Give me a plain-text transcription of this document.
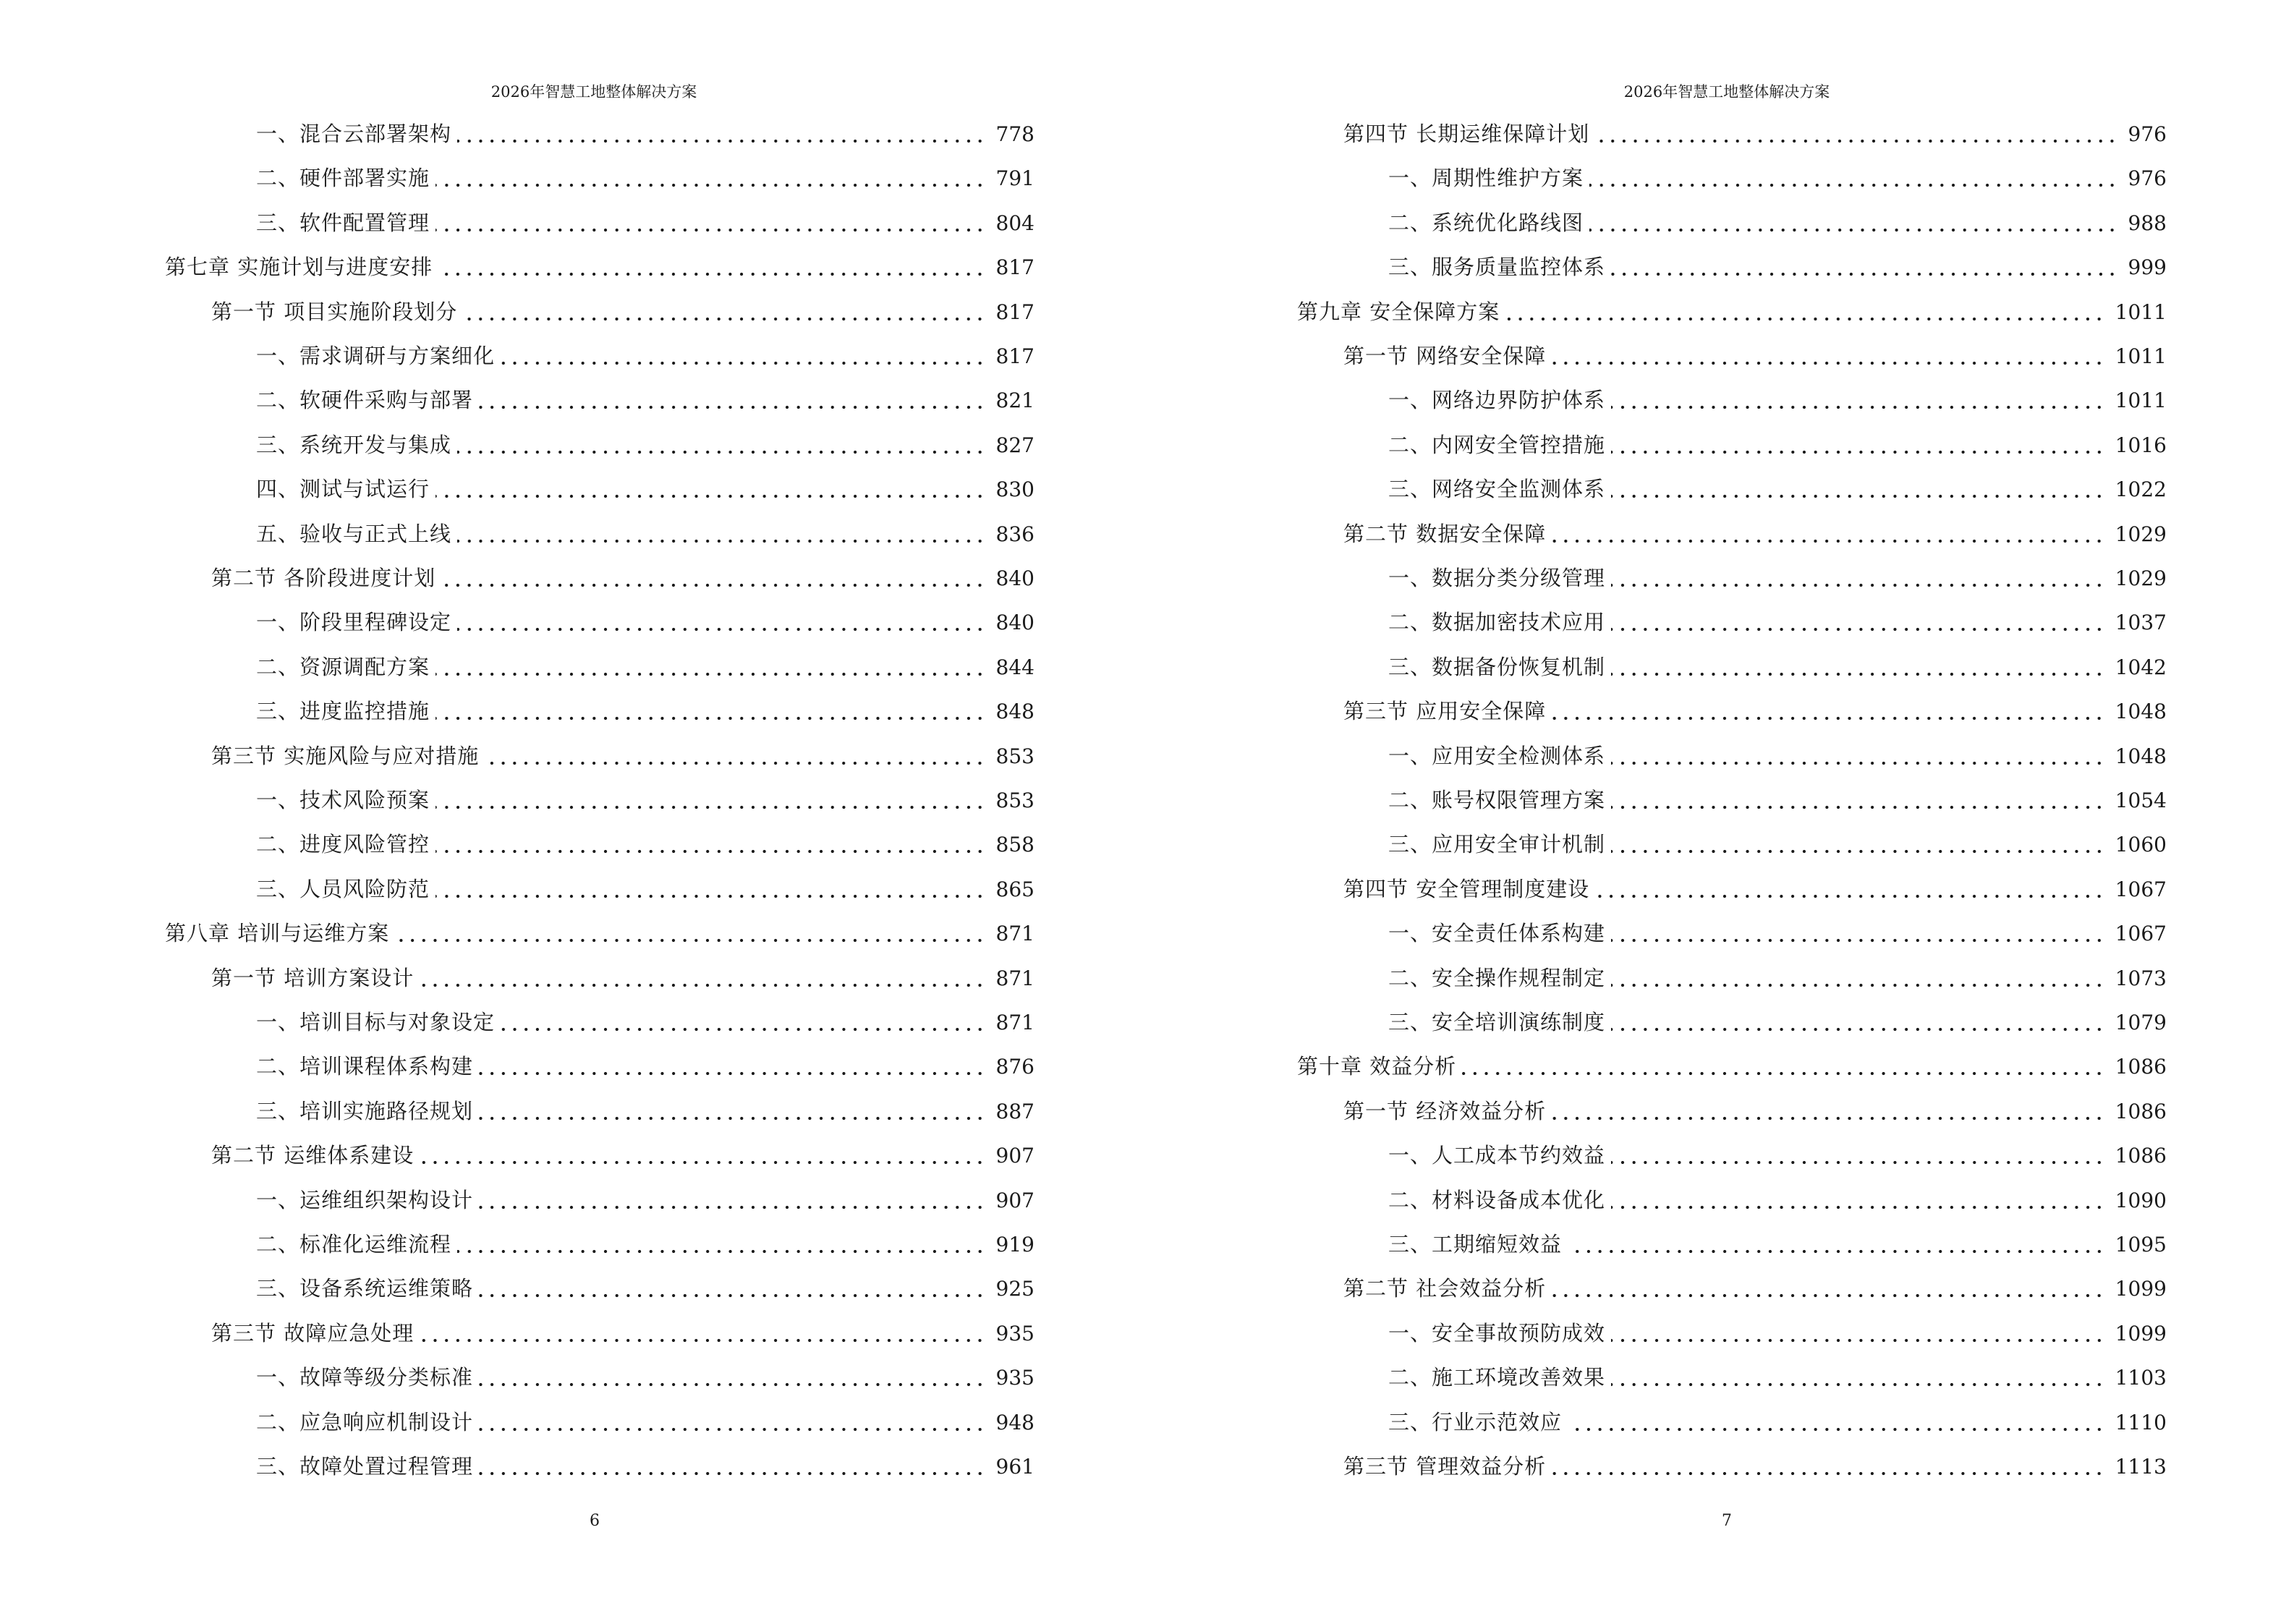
2026年智慧工地整体解决方案
一、混合云部署架构	778
二、硬件部署实施	791
三、软件配置管理	804
第七章 实施计划与进度安排	817
第一节 项目实施阶段划分	817
一、需求调研与方案细化	817
二、软硬件采购与部署	821
三、系统开发与集成	827
四、测试与试运行	830
五、验收与正式上线	836
第二节 各阶段进度计划	840
一、阶段里程碑设定	840
二、资源调配方案	844
三、进度监控措施	848
第三节 实施风险与应对措施	853
一、技术风险预案	853
二、进度风险管控	858
三、人员风险防范	865
第八章 培训与运维方案	871
第一节 培训方案设计	871
一、培训目标与对象设定	871
二、培训课程体系构建	876
三、培训实施路径规划	887
第二节 运维体系建设	907
一、运维组织架构设计	907
二、标准化运维流程	919
三、设备系统运维策略	925
第三节 故障应急处理	935
一、故障等级分类标准	935
二、应急响应机制设计	948
三、故障处置过程管理	961
6
2026年智慧工地整体解决方案
第四节 长期运维保障计划	976
一、周期性维护方案	976
二、系统优化路线图	988
三、服务质量监控体系	999
第九章 安全保障方案	1011
第一节 网络安全保障	1011
一、网络边界防护体系	1011
二、内网安全管控措施	1016
三、网络安全监测体系	1022
第二节 数据安全保障	1029
一、数据分类分级管理	1029
二、数据加密技术应用	1037
三、数据备份恢复机制	1042
第三节 应用安全保障	1048
一、应用安全检测体系	1048
二、账号权限管理方案	1054
三、应用安全审计机制	1060
第四节 安全管理制度建设	1067
一、安全责任体系构建	1067
二、安全操作规程制定	1073
三、安全培训演练制度	1079
第十章 效益分析	1086
第一节 经济效益分析	1086
一、人工成本节约效益	1086
二、材料设备成本优化	1090
三、工期缩短效益	1095
第二节 社会效益分析	1099
一、安全事故预防成效	1099
二、施工环境改善效果	1103
三、行业示范效应	1110
第三节 管理效益分析	1113
7
